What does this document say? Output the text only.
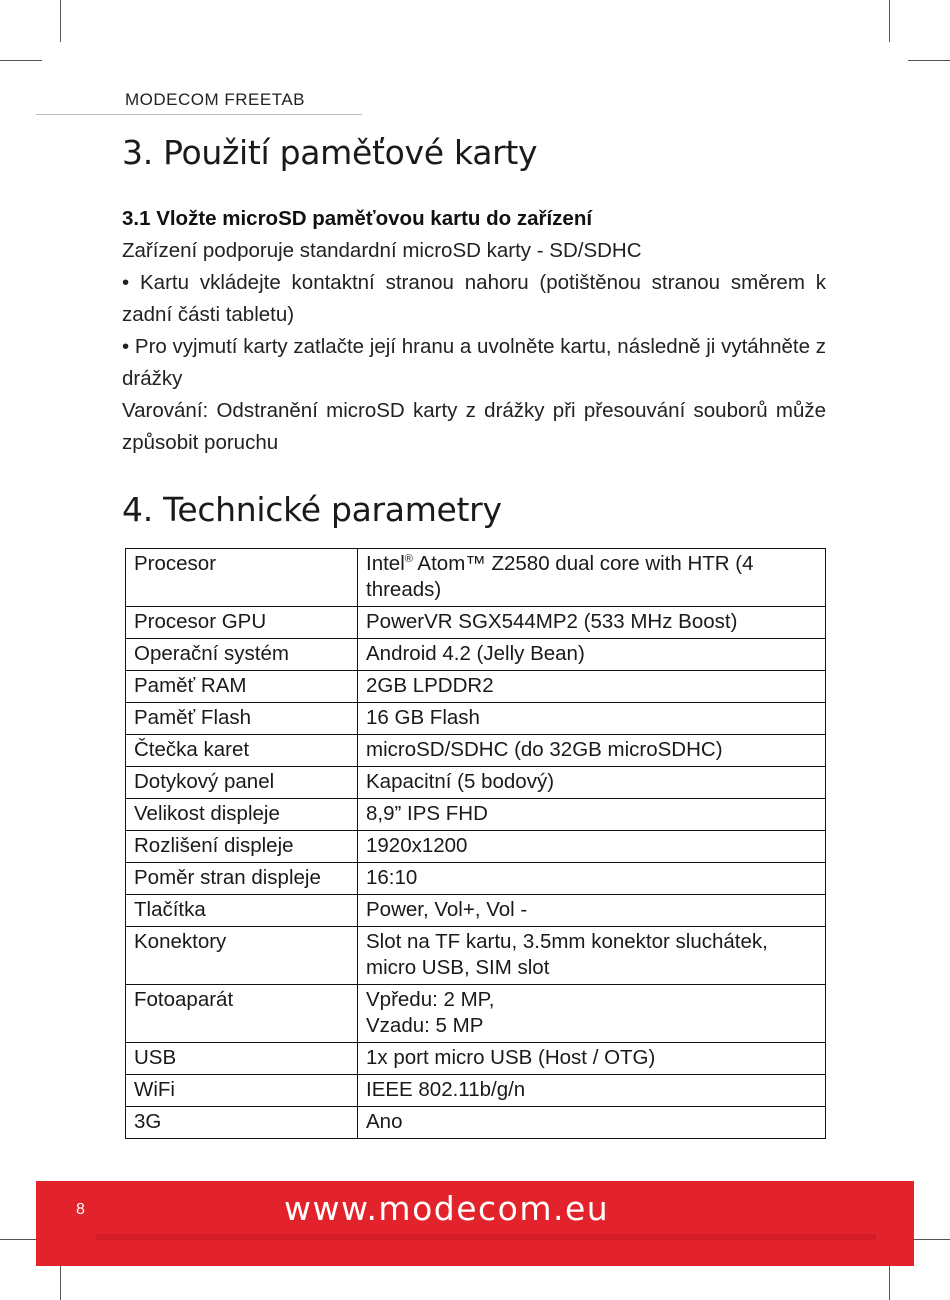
MODECOM FREETAB
3. Použití paměťové karty

3.1 Vložte microSD paměťovou kartu do zařízení

Zařízení podporuje standardní microSD karty - SD/SDHC

• Kartu vkládejte kontaktní stranou nahoru (potištěnou stranou směrem k zadní části tabletu)

• Pro vyjmutí karty zatlačte její hranu a uvolněte kartu, následně ji vytáhněte z drážky

Varování: Odstranění microSD karty z drážky při přesouvání souborů může způsobit poruchu

4. Technické parametry
Procesor	Intel® Atom™ Z2580 dual core with HTR (4 threads)
Procesor GPU	PowerVR SGX544MP2 (533 MHz Boost)
Operační systém	Android 4.2 (Jelly Bean)
Paměť RAM	2GB LPDDR2
Paměť Flash	16 GB Flash
Čtečka karet	microSD/SDHC (do 32GB microSDHC)
Dotykový panel	Kapacitní (5 bodový)
Velikost displeje	8,9” IPS FHD
Rozlišení displeje	1920x1200
Poměr stran displeje	16:10
Tlačítka	Power, Vol+, Vol -
Konektory	Slot na TF kartu, 3.5mm konektor sluchátek, micro USB, SIM slot
Fotoaparát	Vpředu: 2 MP,
Vzadu: 5 MP

USB	1x port micro USB (Host / OTG)
WiFi	IEEE 802.11b/g/n
3G	Ano
8	www.modecom.eu
